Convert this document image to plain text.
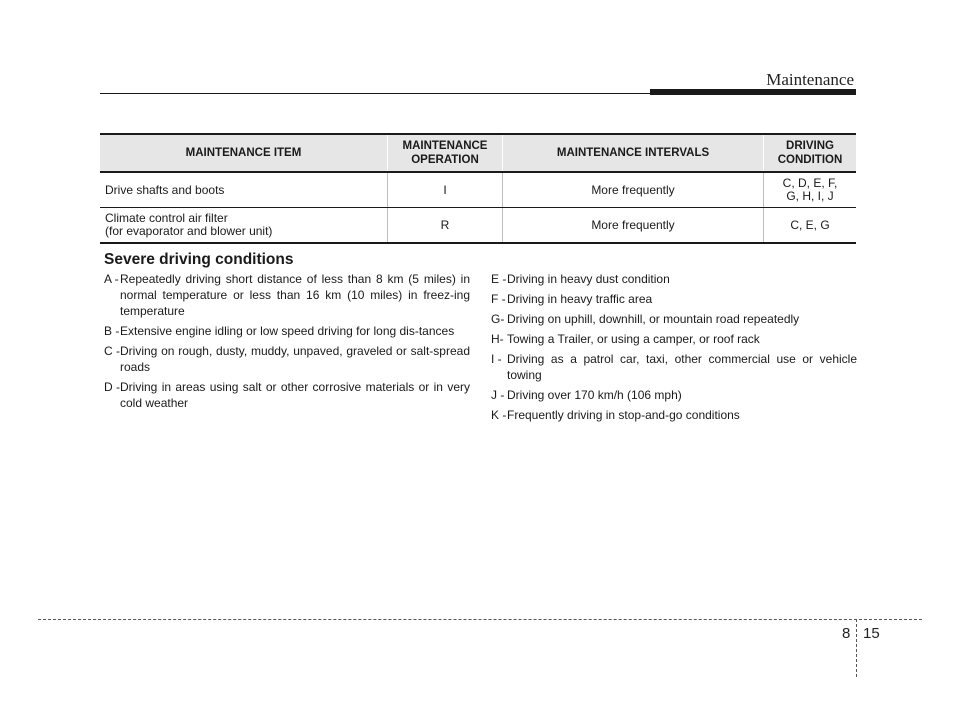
Maintenance
MAINTENANCE ITEM	MAINTENANCE OPERATION	MAINTENANCE INTERVALS	DRIVING CONDITION

Drive shafts and boots	I	More frequently	C, D, E, F,
G, H, I, J

Climate control air filter
(for evaporator and blower unit)	R	More frequently	C, E, G
Severe driving conditions
A - Repeatedly driving short distance of less than 8 km (5 miles) in normal temperature or less than 16 km (10 miles) in freez-ing temperature
B - Extensive engine idling or low speed driving for long dis-tances
C - Driving on rough, dusty, muddy, unpaved, graveled or salt-spread roads
D - Driving in areas using salt or other corrosive materials or in very cold weather
E - Driving in heavy dust condition
F - Driving in heavy traffic area
G- Driving on uphill, downhill, or mountain road repeatedly
H- Towing a Trailer, or using a camper, or roof rack
I - Driving as a patrol car, taxi, other commercial use or vehicle towing
J - Driving over 170 km/h (106 mph)
K - Frequently driving in stop-and-go conditions
8 15
